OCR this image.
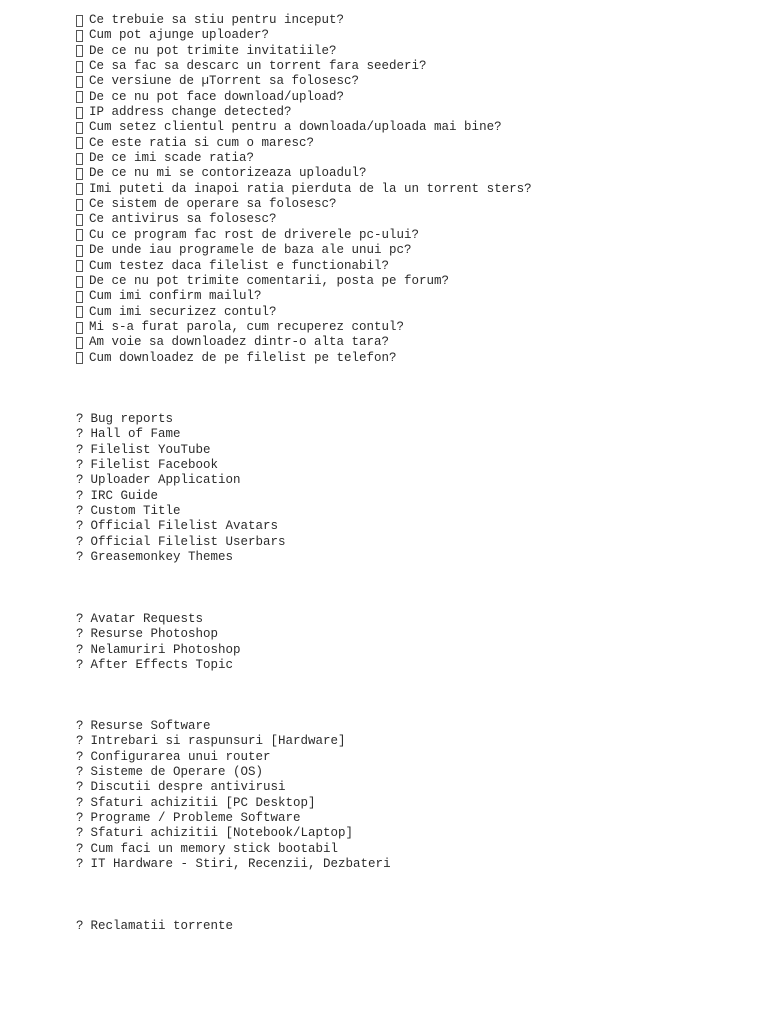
Ce trebuie sa stiu pentru inceput?
Cum pot ajunge uploader?
De ce nu pot trimite invitatiile?
Ce sa fac sa descarc un torrent fara seederi?
Ce versiune de µTorrent sa folosesc?
De ce nu pot face download/upload?
IP address change detected?
Cum setez clientul pentru a downloada/uploada mai bine?
Ce este ratia si cum o maresc?
De ce imi scade ratia?
De ce nu mi se contorizeaza uploadul?
Imi puteti da inapoi ratia pierduta de la un torrent sters?
Ce sistem de operare sa folosesc?
Ce antivirus sa folosesc?
Cu ce program fac rost de driverele pc-ului?
De unde iau programele de baza ale unui pc?
Cum testez daca filelist e functionabil?
De ce nu pot trimite comentarii, posta pe forum?
Cum imi confirm mailul?
Cum imi securizez contul?
Mi s-a furat parola, cum recuperez contul?
Am voie sa downloadez dintr-o alta tara?
Cum downloadez de pe filelist pe telefon?
? Bug reports
? Hall of Fame
? Filelist YouTube
? Filelist Facebook
? Uploader Application
? IRC Guide
? Custom Title
? Official Filelist Avatars
? Official Filelist Userbars
? Greasemonkey Themes
? Avatar Requests
? Resurse Photoshop
? Nelamuriri Photoshop
? After Effects Topic
? Resurse Software
? Intrebari si raspunsuri [Hardware]
? Configurarea unui router
? Sisteme de Operare (OS)
? Discutii despre antivirusi
? Sfaturi achizitii [PC Desktop]
? Programe / Probleme Software
? Sfaturi achizitii [Notebook/Laptop]
? Cum faci un memory stick bootabil
? IT Hardware - Stiri, Recenzii, Dezbateri
? Reclamatii torrente
